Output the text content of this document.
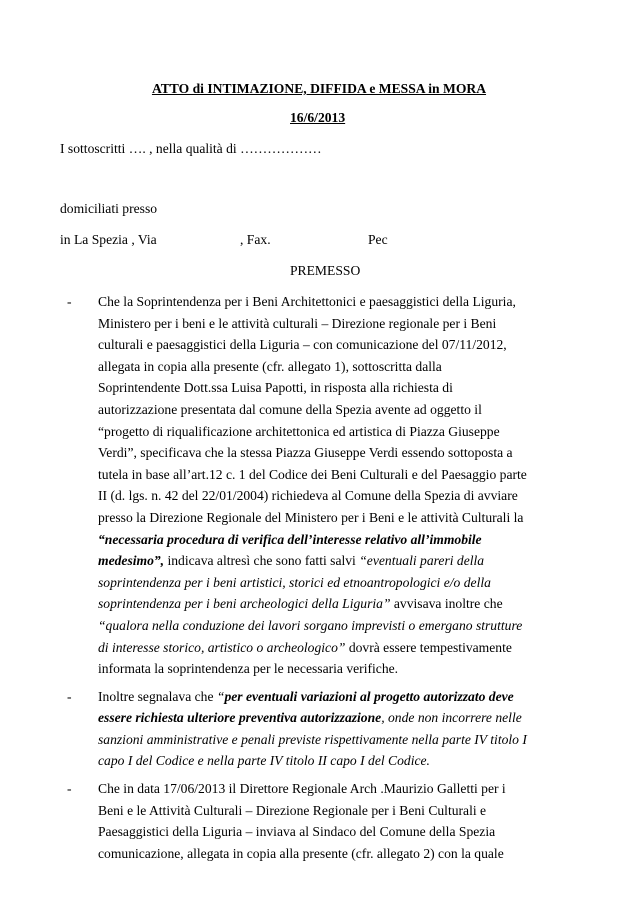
ATTO di INTIMAZIONE, DIFFIDA e MESSA in MORA
16/6/2013
I sottoscritti …. , nella qualità di ………………
domiciliati presso
in La Spezia , Via	, Fax.	Pec
PREMESSO
- Che la Soprintendenza per i Beni Architettonici e paesaggistici della Liguria,
Ministero per i beni e le attività culturali – Direzione regionale per i Beni
culturali e paesaggistici della Liguria – con comunicazione del 07/11/2012,
allegata in copia alla presente (cfr. allegato 1), sottoscritta dalla
Soprintendente Dott.ssa Luisa Papotti, in risposta alla richiesta di
autorizzazione presentata dal comune della Spezia avente ad oggetto il
“progetto di riqualificazione architettonica ed artistica di Piazza Giuseppe
Verdi”, specificava che la stessa Piazza Giuseppe Verdi essendo sottoposta a
tutela in base all’art.12 c. 1 del Codice dei Beni Culturali e del Paesaggio parte
II (d. lgs. n. 42 del 22/01/2004) richiedeva al Comune della Spezia di avviare
presso la Direzione Regionale del Ministero per i Beni e le attività Culturali la
“necessaria procedura di verifica dell’interesse relativo all’immobile
medesimo”, indicava altresì che sono fatti salvi “eventuali pareri della
soprintendenza per i beni artistici, storici ed etnoantropologici e/o della
soprintendenza per i beni archeologici della Liguria” avvisava inoltre che
“qualora nella conduzione dei lavori sorgano imprevisti o emergano strutture
di interesse storico, artistico o archeologico” dovrà essere tempestivamente
informata la soprintendenza per le necessaria verifiche.
- Inoltre segnalava che “per eventuali variazioni al progetto autorizzato deve
essere richiesta ulteriore preventiva autorizzazione, onde non incorrere nelle
sanzioni amministrative e penali previste rispettivamente nella parte IV titolo I
capo I del Codice e nella parte IV titolo II capo I del Codice.
- Che in data 17/06/2013 il Direttore Regionale Arch .Maurizio Galletti per i
Beni e le Attività Culturali – Direzione Regionale per i Beni Culturali e
Paesaggistici della Liguria – inviava al Sindaco del Comune della Spezia
comunicazione, allegata in copia alla presente (cfr. allegato 2) con la quale
